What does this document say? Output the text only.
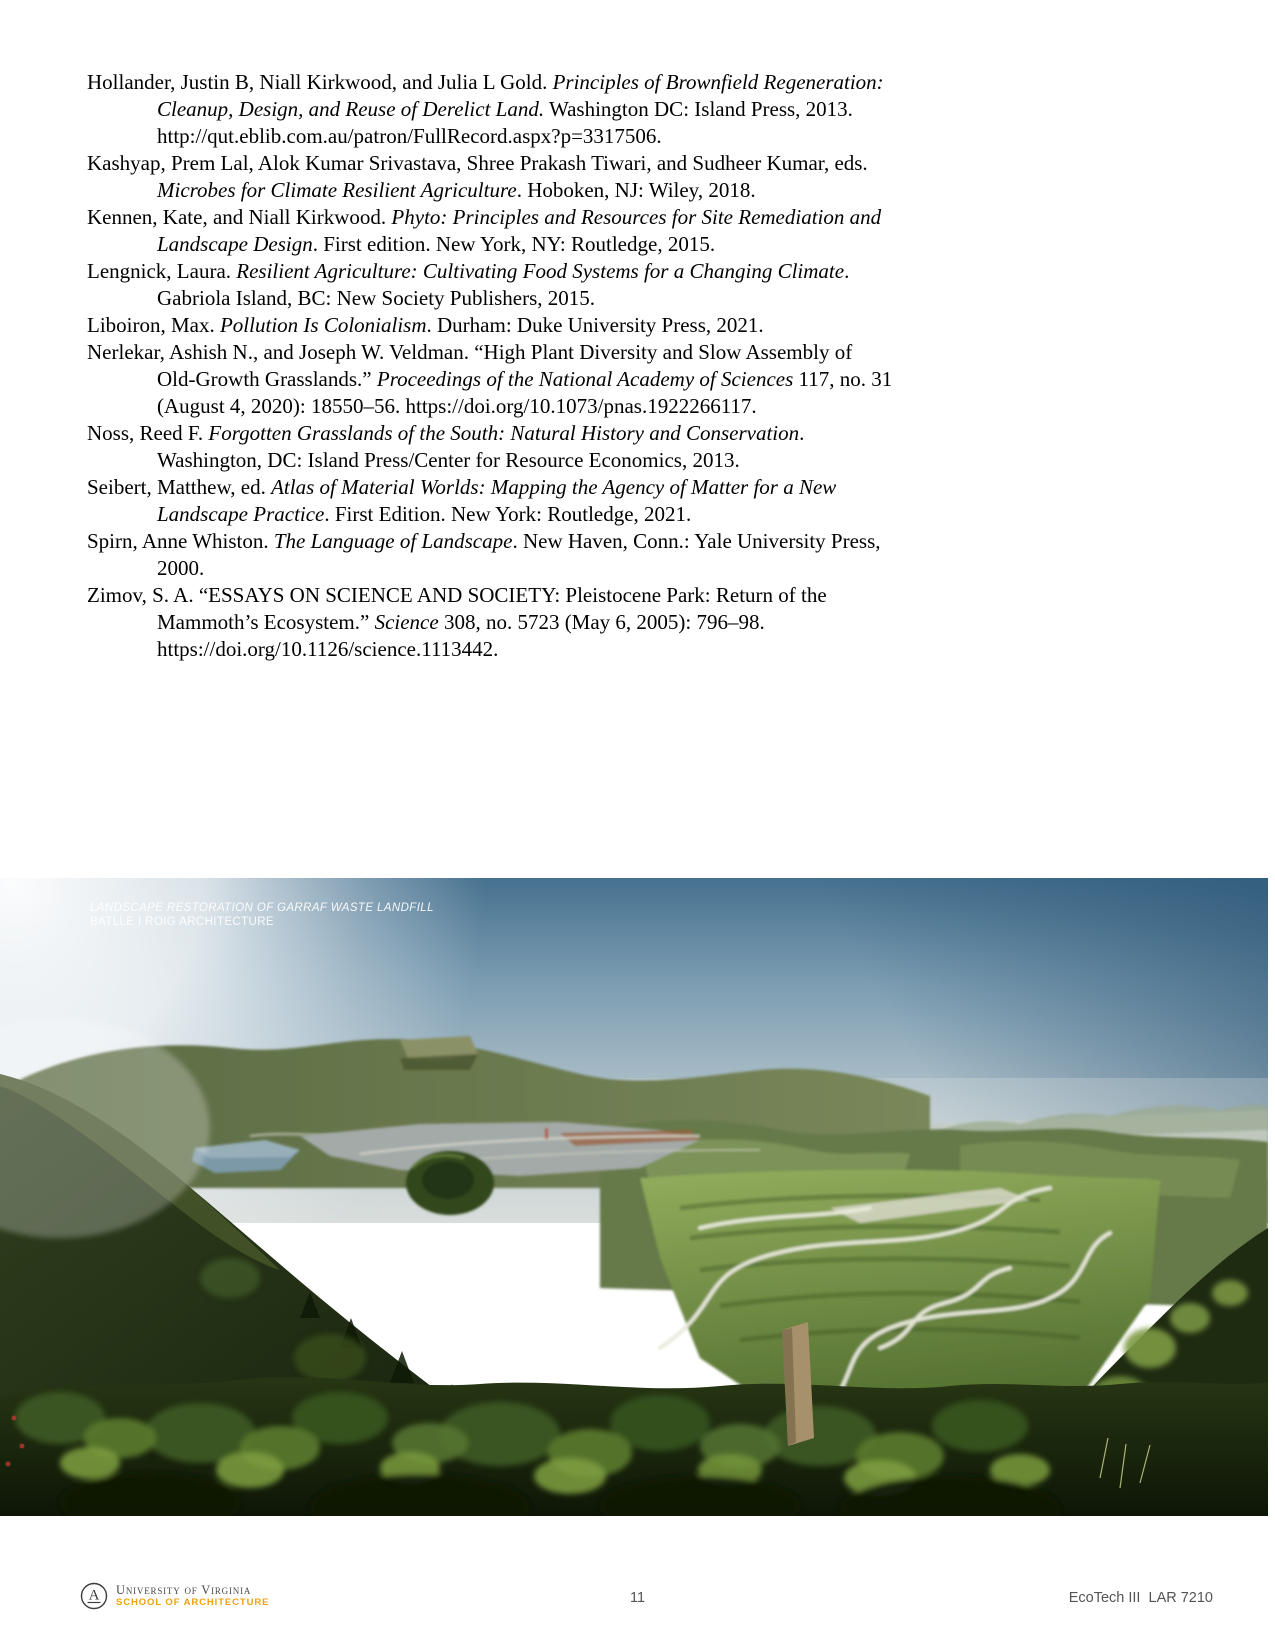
Hollander, Justin B, Niall Kirkwood, and Julia L Gold. Principles of Brownfield Regeneration:
Cleanup, Design, and Reuse of Derelict Land. Washington DC: Island Press, 2013.
http://qut.eblib.com.au/patron/FullRecord.aspx?p=3317506.
Kashyap, Prem Lal, Alok Kumar Srivastava, Shree Prakash Tiwari, and Sudheer Kumar, eds.
Microbes for Climate Resilient Agriculture. Hoboken, NJ: Wiley, 2018.
Kennen, Kate, and Niall Kirkwood. Phyto: Principles and Resources for Site Remediation and
Landscape Design. First edition. New York, NY: Routledge, 2015.
Lengnick, Laura. Resilient Agriculture: Cultivating Food Systems for a Changing Climate.
Gabriola Island, BC: New Society Publishers, 2015.
Liboiron, Max. Pollution Is Colonialism. Durham: Duke University Press, 2021.
Nerlekar, Ashish N., and Joseph W. Veldman. “High Plant Diversity and Slow Assembly of
Old-Growth Grasslands.” Proceedings of the National Academy of Sciences 117, no. 31
(August 4, 2020): 18550–56. https://doi.org/10.1073/pnas.1922266117.
Noss, Reed F. Forgotten Grasslands of the South: Natural History and Conservation.
Washington, DC: Island Press/Center for Resource Economics, 2013.
Seibert, Matthew, ed. Atlas of Material Worlds: Mapping the Agency of Matter for a New
Landscape Practice. First Edition. New York: Routledge, 2021.
Spirn, Anne Whiston. The Language of Landscape. New Haven, Conn.: Yale University Press,
2000.
Zimov, S. A. “ESSAYS ON SCIENCE AND SOCIETY: Pleistocene Park: Return of the
Mammoth’s Ecosystem.” Science 308, no. 5723 (May 6, 2005): 796–98.
https://doi.org/10.1126/science.1113442.
LANDSCAPE RESTORATION OF GARRAF WASTE LANDFILL
BATLLE I ROIG ARCHITECTURE
A University of Virginia
SCHOOL OF ARCHITECTURE	11	EcoTech III  LAR 7210
